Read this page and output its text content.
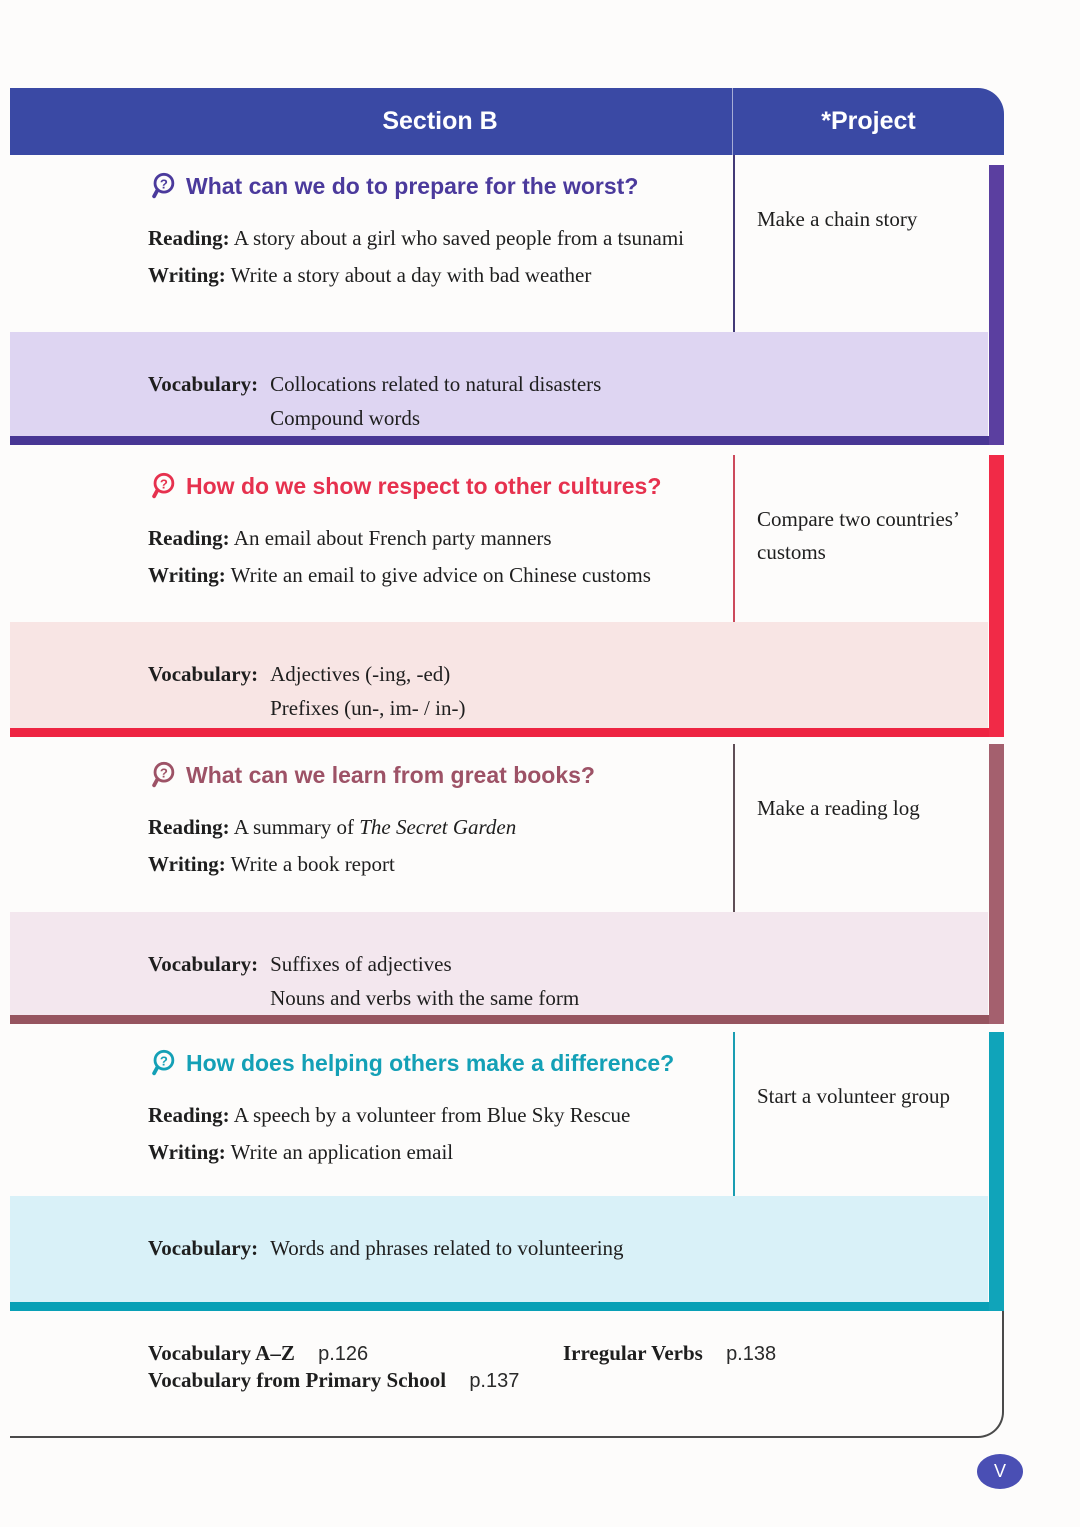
Section B	*Project
? What can we do to prepare for the worst?
Reading: A story about a girl who saved people from a tsunami
Writing: Write a story about a day with bad weather
Make a chain story
Vocabulary: Collocations related to natural disasters
Compound words
? How do we show respect to other cultures?
Reading: An email about French party manners
Writing: Write an email to give advice on Chinese customs
Compare two countries’ customs
Vocabulary: Adjectives (-ing, -ed)
Prefixes (un-, im- / in-)
? What can we learn from great books?
Reading: A summary of The Secret Garden
Writing: Write a book report
Make a reading log
Vocabulary: Suffixes of adjectives
Nouns and verbs with the same form
? How does helping others make a difference?
Reading: A speech by a volunteer from Blue Sky Rescue
Writing: Write an application email
Start a volunteer group
Vocabulary: Words and phrases related to volunteering
Vocabulary A–Z p.126
Vocabulary from Primary School p.137
Irregular Verbs p.138
V
